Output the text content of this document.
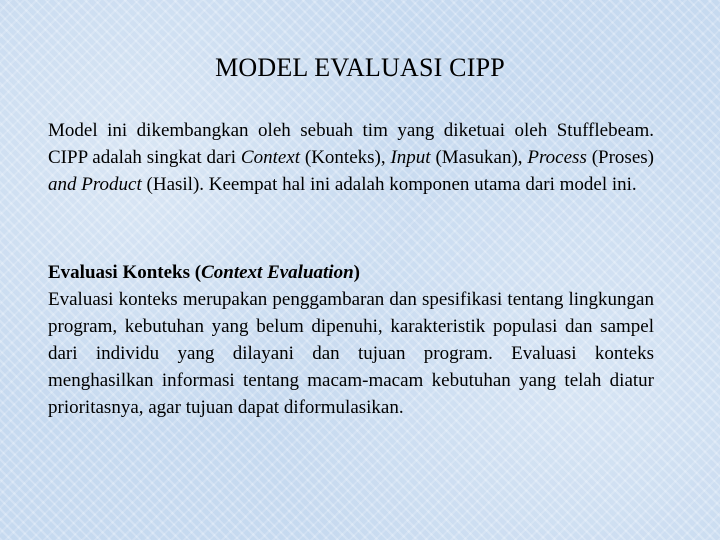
MODEL EVALUASI CIPP

Model ini dikembangkan oleh sebuah tim yang diketuai oleh Stufflebeam. CIPP adalah singkat dari Context (Konteks), Input (Masukan), Process (Proses) and Product (Hasil). Keempat hal ini adalah komponen utama dari model ini.

Evaluasi Konteks (Context Evaluation)
Evaluasi konteks merupakan penggambaran dan spesifikasi tentang lingkungan program, kebutuhan yang belum dipenuhi, karakteristik populasi dan sampel dari individu yang dilayani dan tujuan program. Evaluasi konteks menghasilkan informasi tentang macam-macam kebutuhan yang telah diatur prioritasnya, agar tujuan dapat diformulasikan.
